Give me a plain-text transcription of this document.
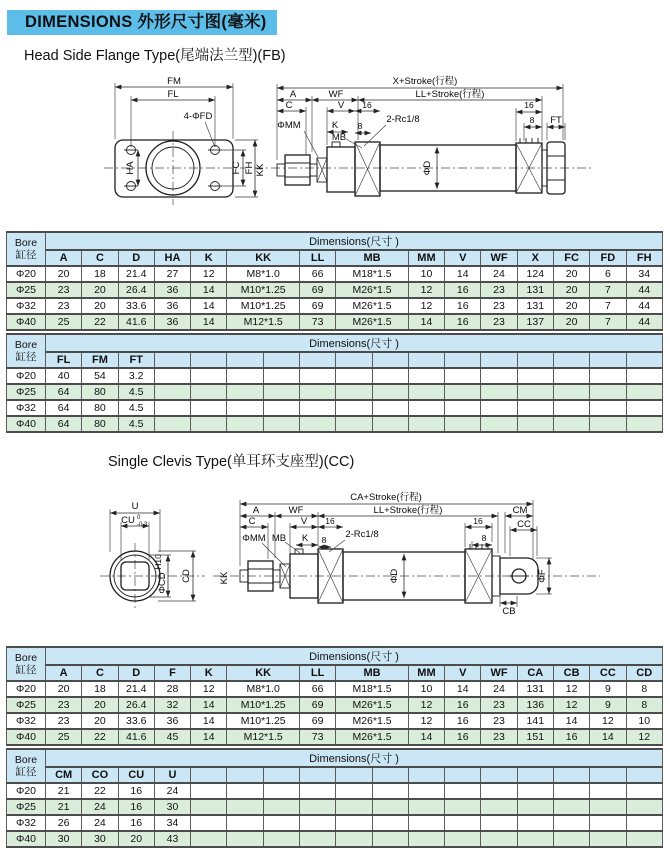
DIMENSIONS 外形尺寸图(毫米)
Head Side Flange Type(尾端法兰型)(FB)
Single Clevis Type(单耳环支座型)(CC)
FM
FL
4-ΦFD
HA	FC FH KK
X+Stroke(行程)
A	WF	LL+Stroke(行程)
C	V 16
ΦMM	K 8
MB
2-Rc1/8
16
8 FT
ΦD
U
CU 0
-0.3
H10
ΦCD CD	KK
CA+Stroke(行程)
A	WF	LL+Stroke(行程)	CM
C	V 16	16	CC
ΦMM MB K 8	8
2-Rc1/8
ΦD	ΦF
CB
Bore
缸径	Dimensions(尺寸 )														
	A	C	D	HA	K	KK	LL	MB	MM	V	WF	X	FC	FD	FH
Φ20	20	18	21.4	27	12	M8*1.0	66	M18*1.5	10	14	24	124	20	6	34
Φ25	23	20	26.4	36	14	M10*1.25	69	M26*1.5	12	16	23	131	20	7	44
Φ32	23	20	33.6	36	14	M10*1.25	69	M26*1.5	12	16	23	131	20	7	44
Φ40	25	22	41.6	36	14	M12*1.5	73	M26*1.5	14	16	23	137	20	7	44
Bore
缸径	Dimensions(尺寸 )																
	FL	FM	FT														
Φ20	40	54	3.2														
Φ25	64	80	4.5														
Φ32	64	80	4.5														
Φ40	64	80	4.5														
Bore
缸径	Dimensions(尺寸 )														
	A	C	D	F	K	KK	LL	MB	MM	V	WF	CA	CB	CC	CD
Φ20	20	18	21.4	28	12	M8*1.0	66	M18*1.5	10	14	24	131	12	9	8
Φ25	23	20	26.4	32	14	M10*1.25	69	M26*1.5	12	16	23	136	12	9	8
Φ32	23	20	33.6	36	14	M10*1.25	69	M26*1.5	12	16	23	141	14	12	10
Φ40	25	22	41.6	45	14	M12*1.5	73	M26*1.5	14	16	23	151	16	14	12
Bore
缸径	Dimensions(尺寸 )																
	CM	CO	CU	U													
Φ20	21	22	16	24													
Φ25	21	24	16	30													
Φ32	26	24	16	34													
Φ40	30	30	20	43													
